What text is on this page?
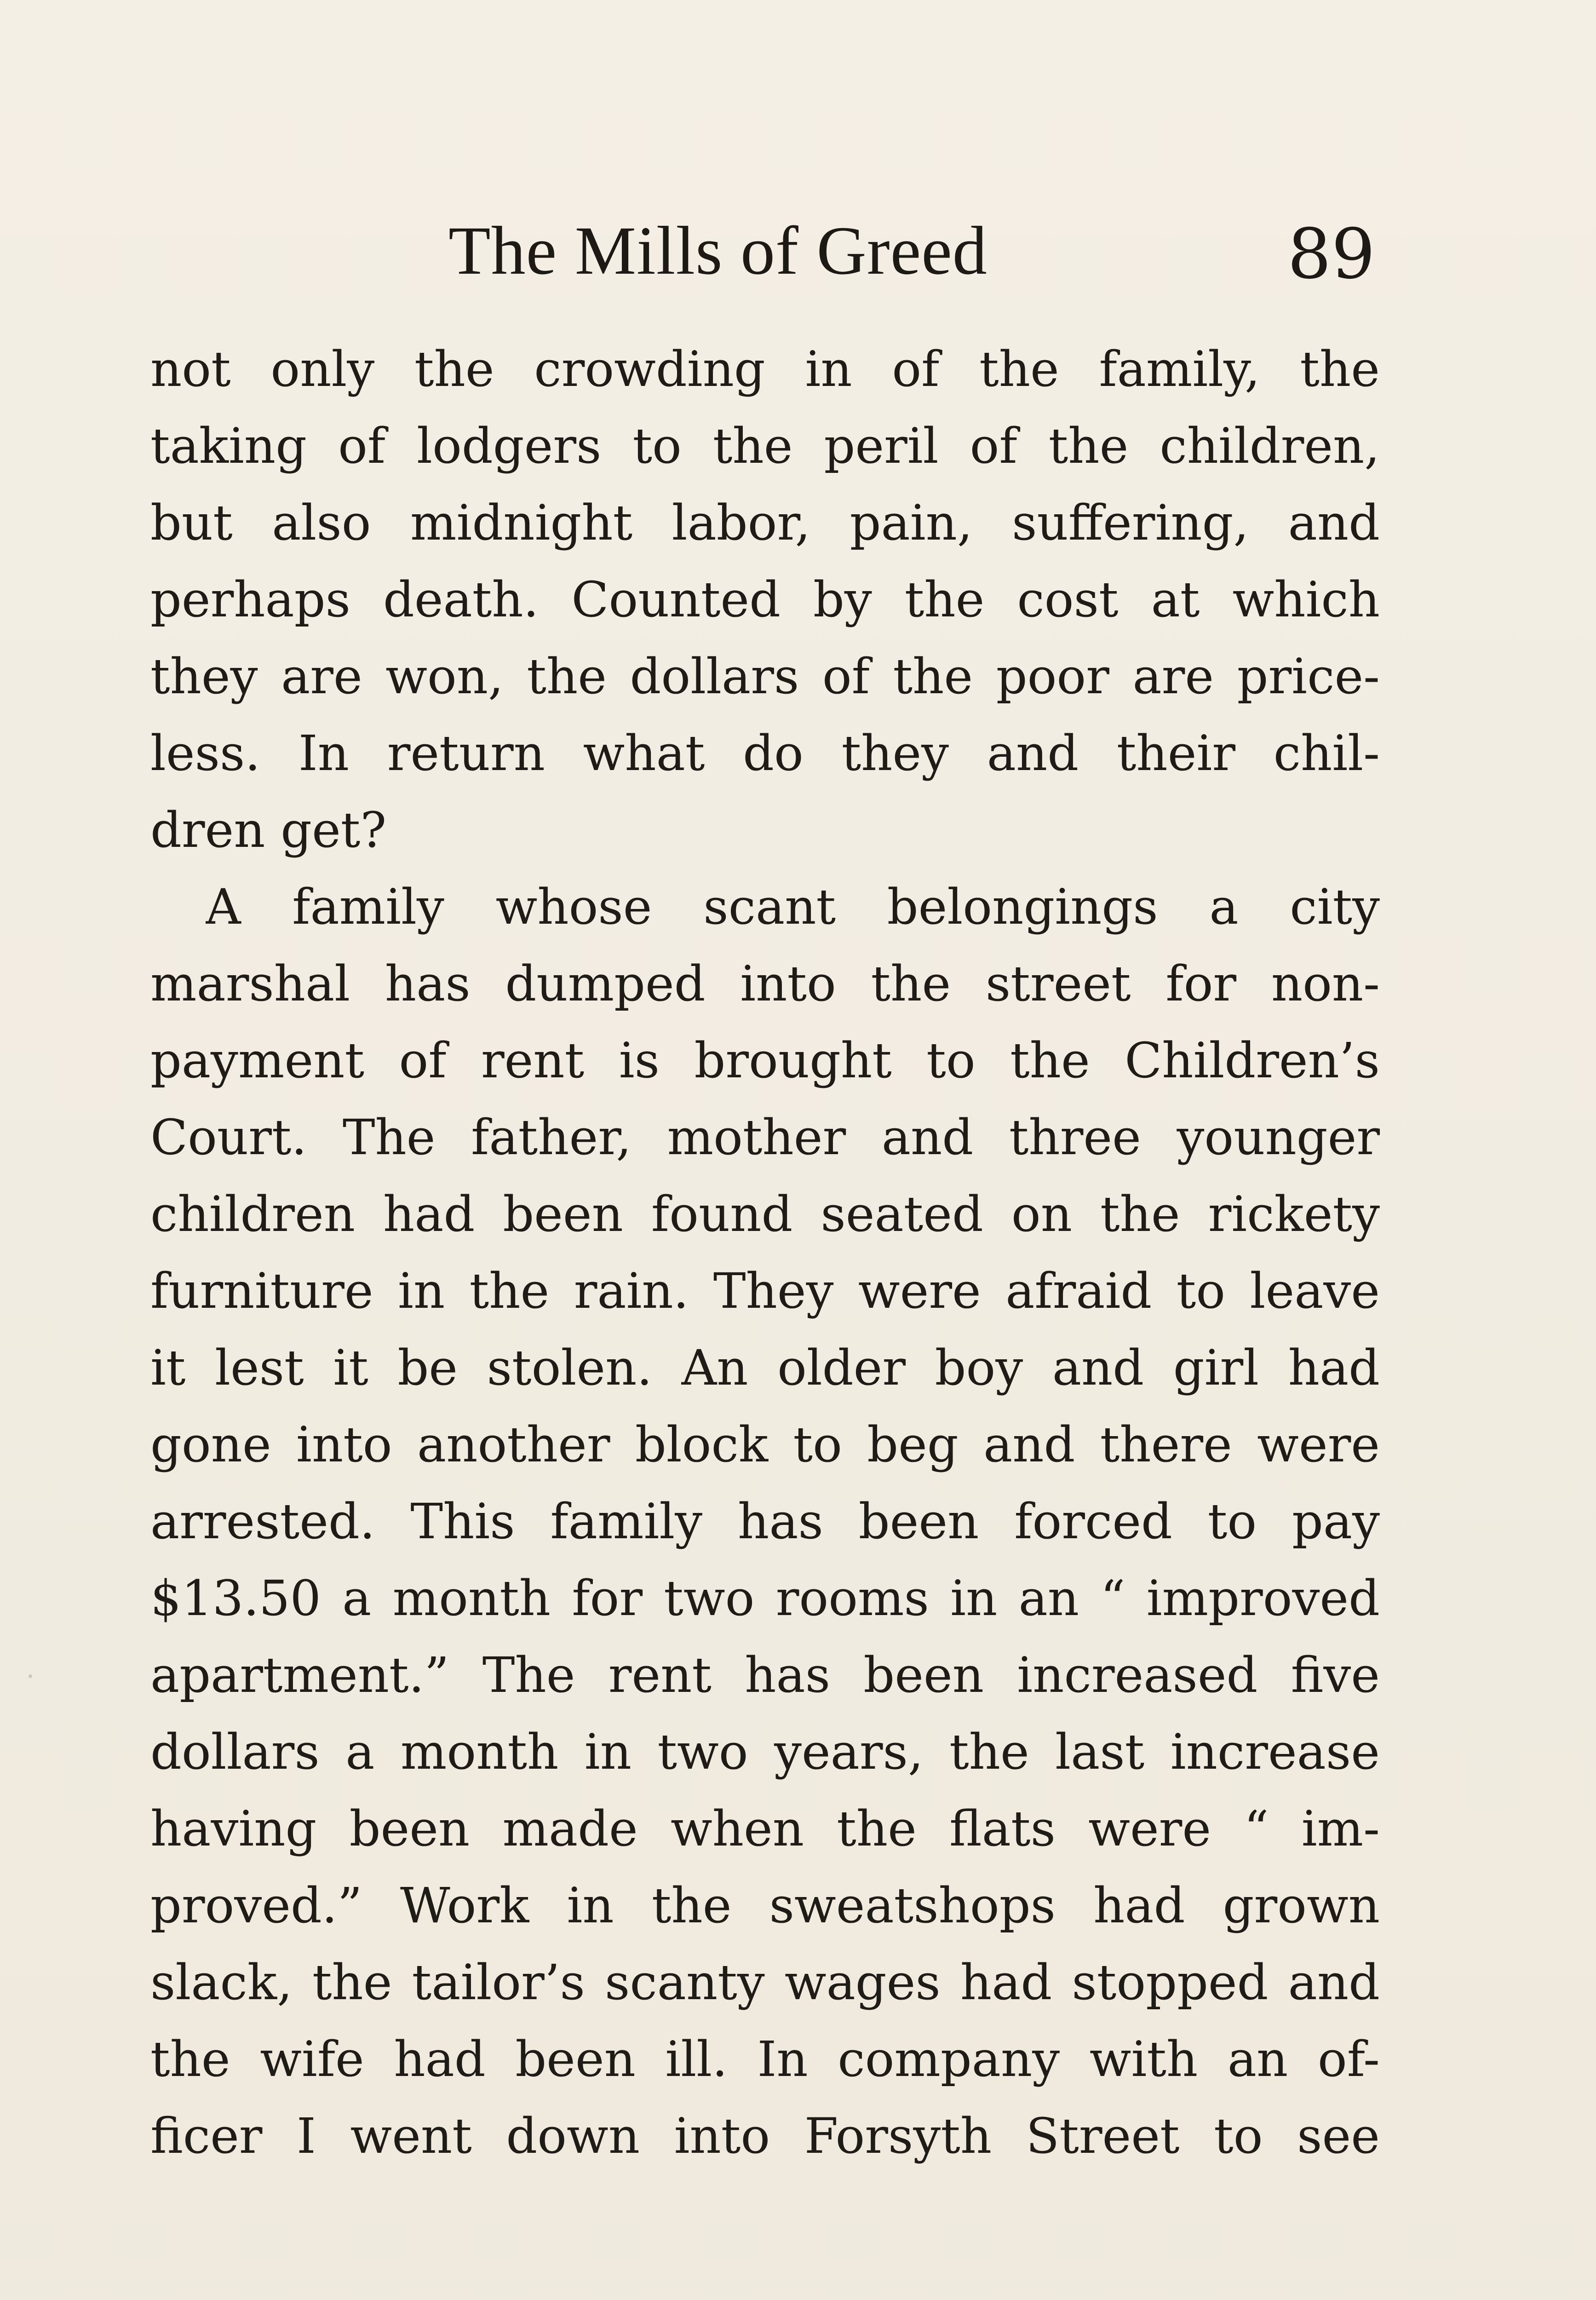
The Mills of Greed	89
not only the crowding in of the family, the
taking of lodgers to the peril of the children,
but also midnight labor, pain, suffering, and
perhaps death. Counted by the cost at which
they are won, the dollars of the poor are price-
less. In return what do they and their chil-
dren get?
A family whose scant belongings a city
marshal has dumped into the street for non-
payment of rent is brought to the Children’s
Court. The father, mother and three younger
children had been found seated on the rickety
furniture in the rain. They were afraid to leave
it lest it be stolen. An older boy and girl had
gone into another block to beg and there were
arrested. This family has been forced to pay
$13.50 a month for two rooms in an “ improved
apartment.” The rent has been increased five
dollars a month in two years, the last increase
having been made when the flats were “ im-
proved.” Work in the sweatshops had grown
slack, the tailor’s scanty wages had stopped and
the wife had been ill. In company with an of-
ficer I went down into Forsyth Street to see
